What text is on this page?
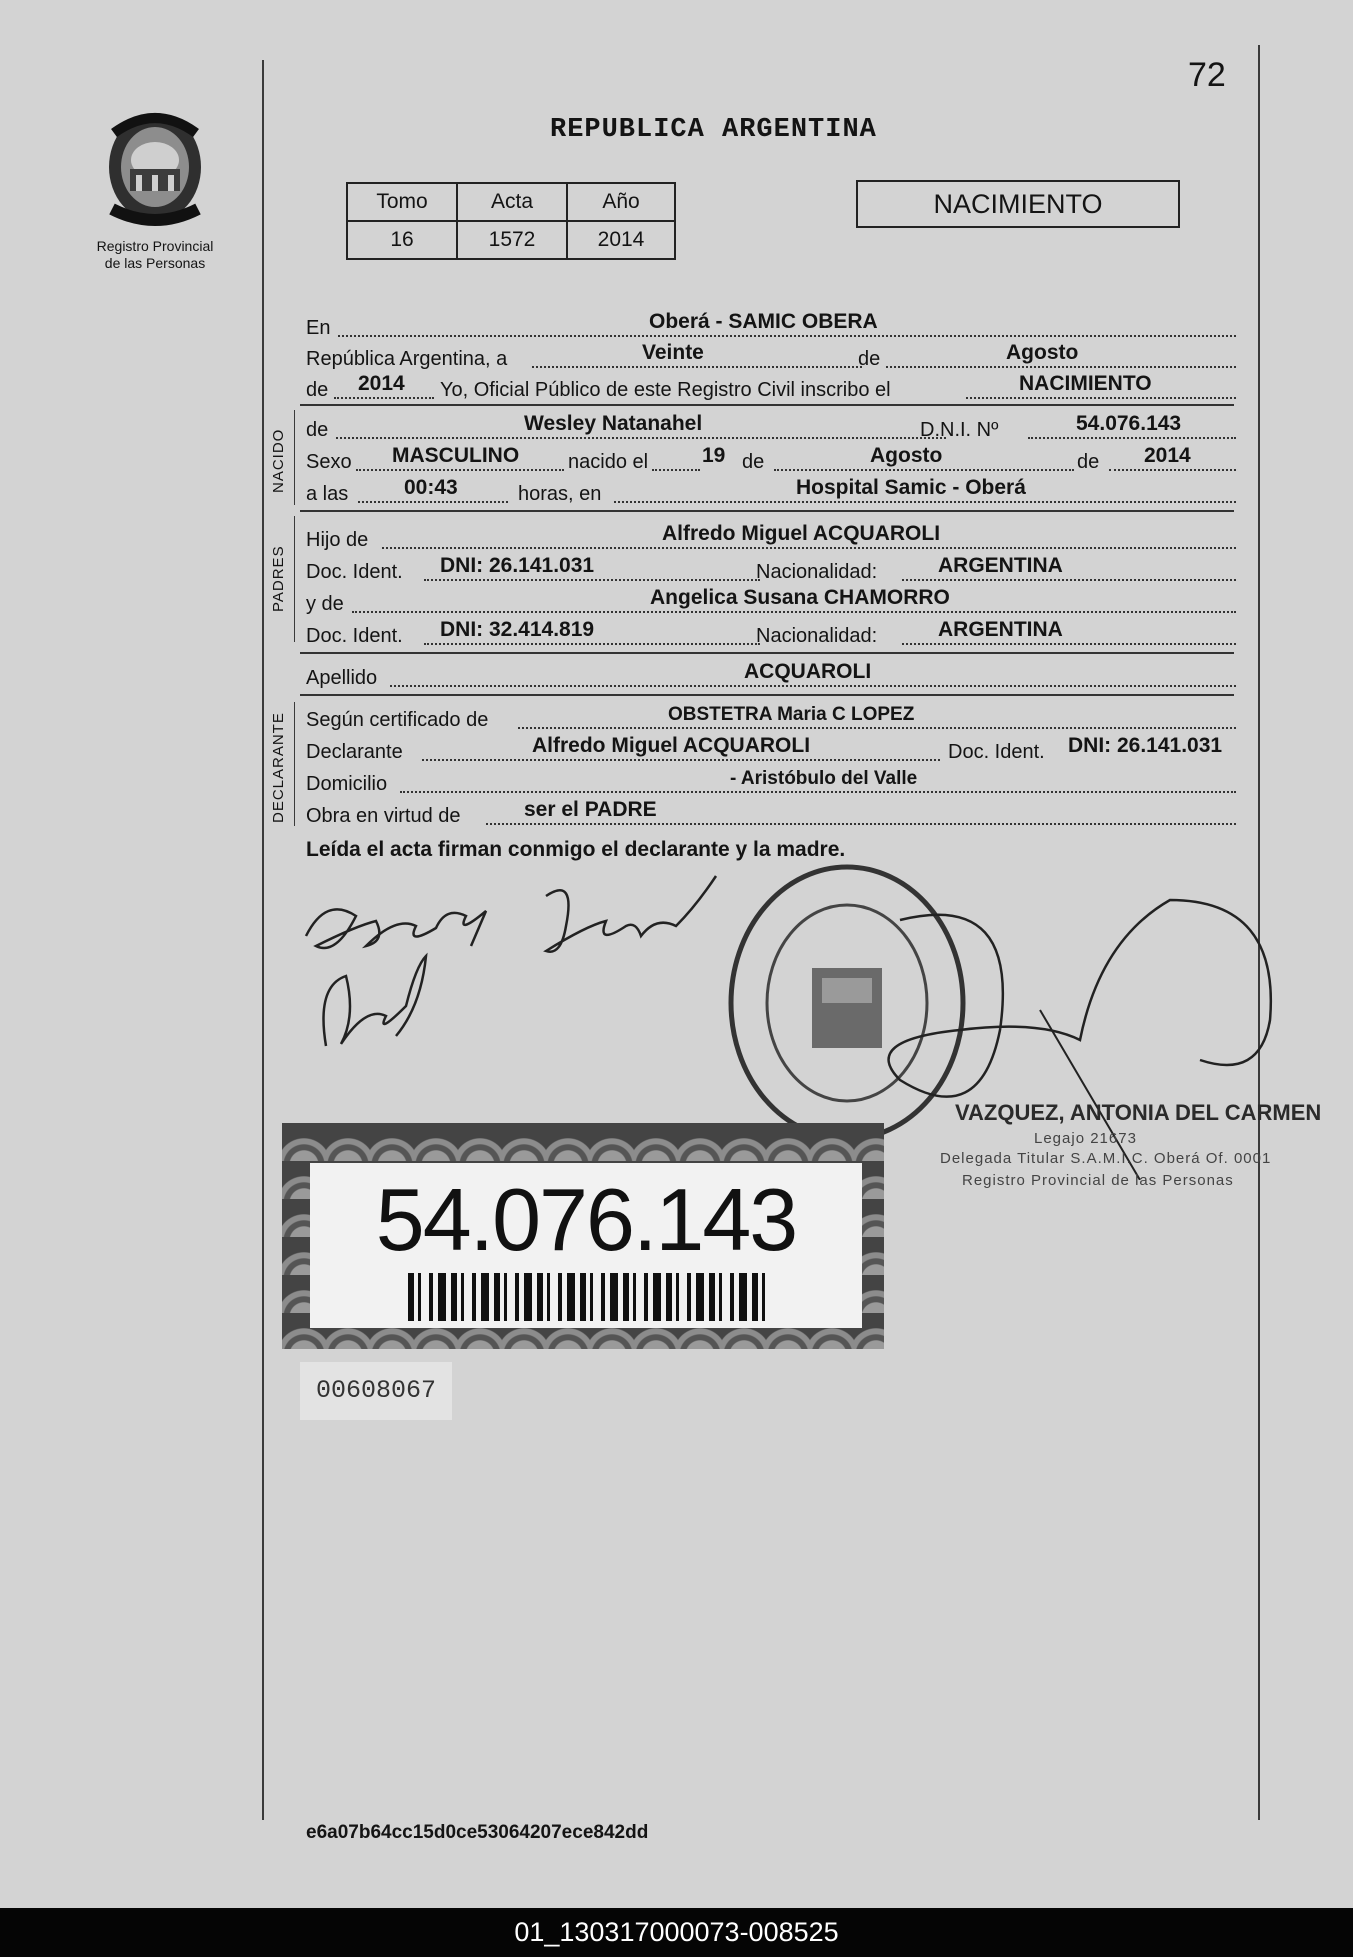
72
REPUBLICA ARGENTINA
Registro Provincial
de las Personas
Tomo	Acta	Año
16	1572	2014
NACIMIENTO
En	Oberá - SAMIC OBERA
República Argentina, a	Veinte	de	Agosto
de 2014 Yo, Oficial Público de este Registro Civil inscribo el	NACIMIENTO
NACIDO de	Wesley Natanahel	D.N.I. Nº	54.076.143
Sexo MASCULINO nacido el	19 de	Agosto	de 2014
a las	00:43	horas, en	Hospital Samic - Oberá
PADRES
Hijo de	Alfredo Miguel ACQUAROLI
Doc. Ident. DNI: 26.141.031	Nacionalidad:	ARGENTINA
y de	Angelica Susana CHAMORRO
Doc. Ident. DNI: 32.414.819	Nacionalidad:	ARGENTINA
Apellido	ACQUAROLI
DECLARANTE Según certificado de	OBSTETRA Maria C LOPEZ
Declarante	Alfredo Miguel ACQUAROLI	Doc. Ident. DNI: 26.141.031
Domicilio	- Aristóbulo del Valle
Obra en virtud de	ser el PADRE
Leída el acta firman conmigo el declarante y la madre.
VAZQUEZ, ANTONIA DEL CARMEN
Legajo 21673
Delegada Titular S.A.M.I.C. Oberá Of. 0001
Registro Provincial de las Personas
54.076.143
00608067
e6a07b64cc15d0ce53064207ece842dd
01_130317000073-008525
